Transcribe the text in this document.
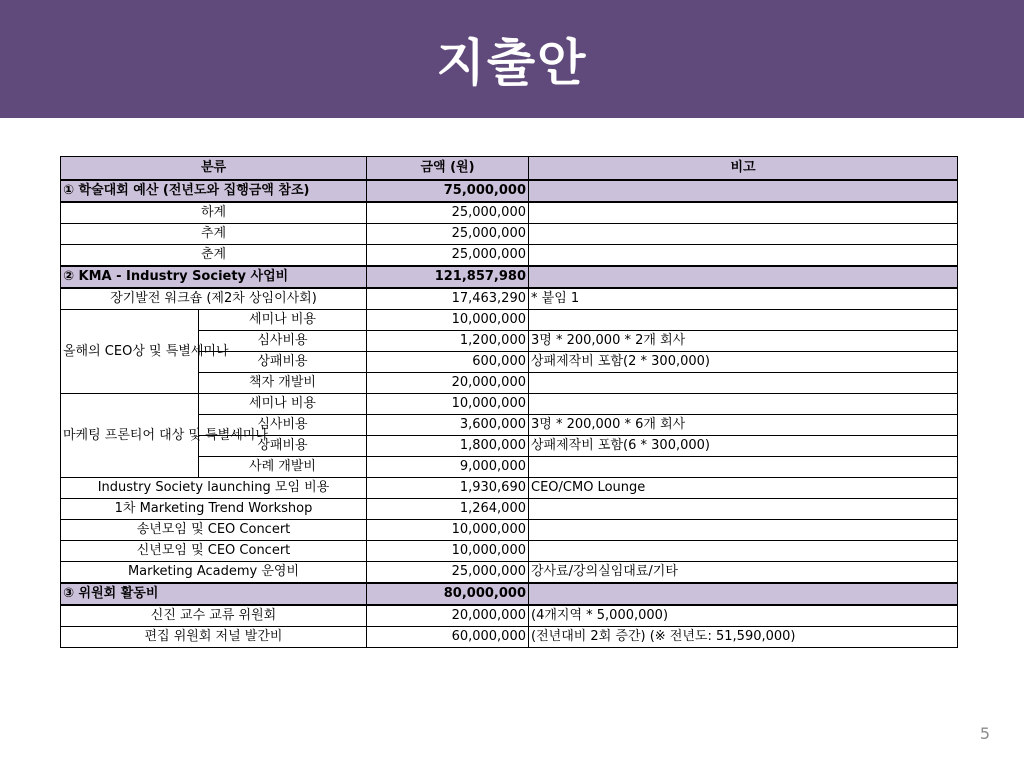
지출안
분류		금액 (원)	비고
① 학술대회 예산 (전년도와 집행금액 참조)		75,000,000	
하계		25,000,000	
추계		25,000,000	
춘계		25,000,000	
② KMA - Industry Society 사업비		121,857,980	
장기발전 워크숍 (제2차 상임이사회)		17,463,290	* 붙임 1
올해의 CEO상 및 특별세미나	세미나 비용	10,000,000	
	심사비용	1,200,000	3명 * 200,000 * 2개 회사
	상패비용	600,000	상패제작비 포함(2 * 300,000)
	책자 개발비	20,000,000	
마케팅 프론티어 대상 및 특별세미나	세미나 비용	10,000,000	
	심사비용	3,600,000	3명 * 200,000 * 6개 회사
	상패비용	1,800,000	상패제작비 포함(6 * 300,000)
	사례 개발비	9,000,000	
Industry Society launching 모임 비용		1,930,690	CEO/CMO Lounge
1차 Marketing Trend Workshop		1,264,000	
송년모임 및 CEO Concert		10,000,000	
신년모임 및 CEO Concert		10,000,000	
Marketing Academy 운영비		25,000,000	강사료/강의실임대료/기타
③ 위원회 활동비		80,000,000	
신진 교수 교류 위원회		20,000,000	(4개지역 * 5,000,000)
편집 위원회 저널 발간비		60,000,000	(전년대비 2회 증간) (※ 전년도: 51,590,000)
5
